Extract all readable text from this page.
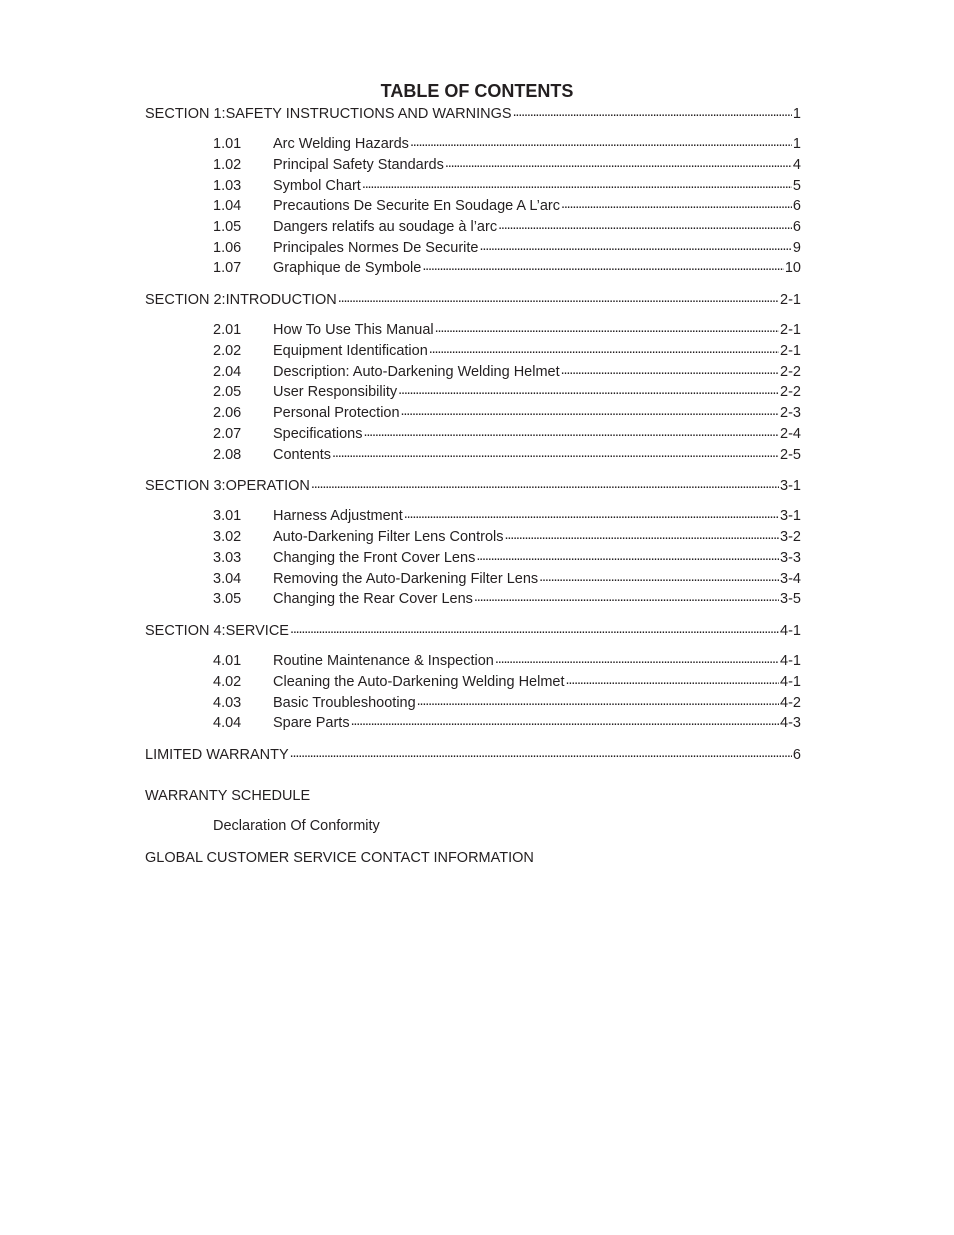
TABLE OF CONTENTS
SECTION 1:SAFETY INSTRUCTIONS AND WARNINGS . . .	1
1.01	Arc Welding Hazards . . .	1
1.02	Principal Safety Standards . . .	4
1.03	Symbol Chart . . .	5
1.04	Precautions De Securite En Soudage A L’arc . . .	6
1.05	Dangers relatifs au soudage à l’arc . . .	6
1.06	Principales Normes De Securite . . .	9
1.07	Graphique de Symbole . . .	10
SECTION 2:INTRODUCTION . . .	2-1
2.01	How To Use This Manual . . .	2-1
2.02	Equipment Identification . . .	2-1
2.04	Description: Auto-Darkening Welding Helmet . . .	2-2
2.05	User Responsibility . . .	2-2
2.06	Personal Protection . . .	2-3
2.07	Specifications . . .	2-4
2.08	Contents . . .	2-5
SECTION 3:OPERATION . . .	3-1
3.01	Harness Adjustment . . .	3-1
3.02	Auto-Darkening Filter Lens Controls . . .	3-2
3.03	Changing the Front Cover Lens . . .	3-3
3.04	Removing the Auto-Darkening Filter Lens . . .	3-4
3.05	Changing the Rear Cover Lens . . .	3-5
SECTION 4:SERVICE . . .	4-1
4.01	Routine Maintenance & Inspection . . .	4-1
4.02	Cleaning the Auto-Darkening Welding Helmet . . .	4-1
4.03	Basic Troubleshooting . . .	4-2
4.04	Spare Parts . . .	4-3
LIMITED WARRANTY . . .	6
WARRANTY SCHEDULE
Declaration Of Conformity
GLOBAL CUSTOMER SERVICE CONTACT INFORMATION
